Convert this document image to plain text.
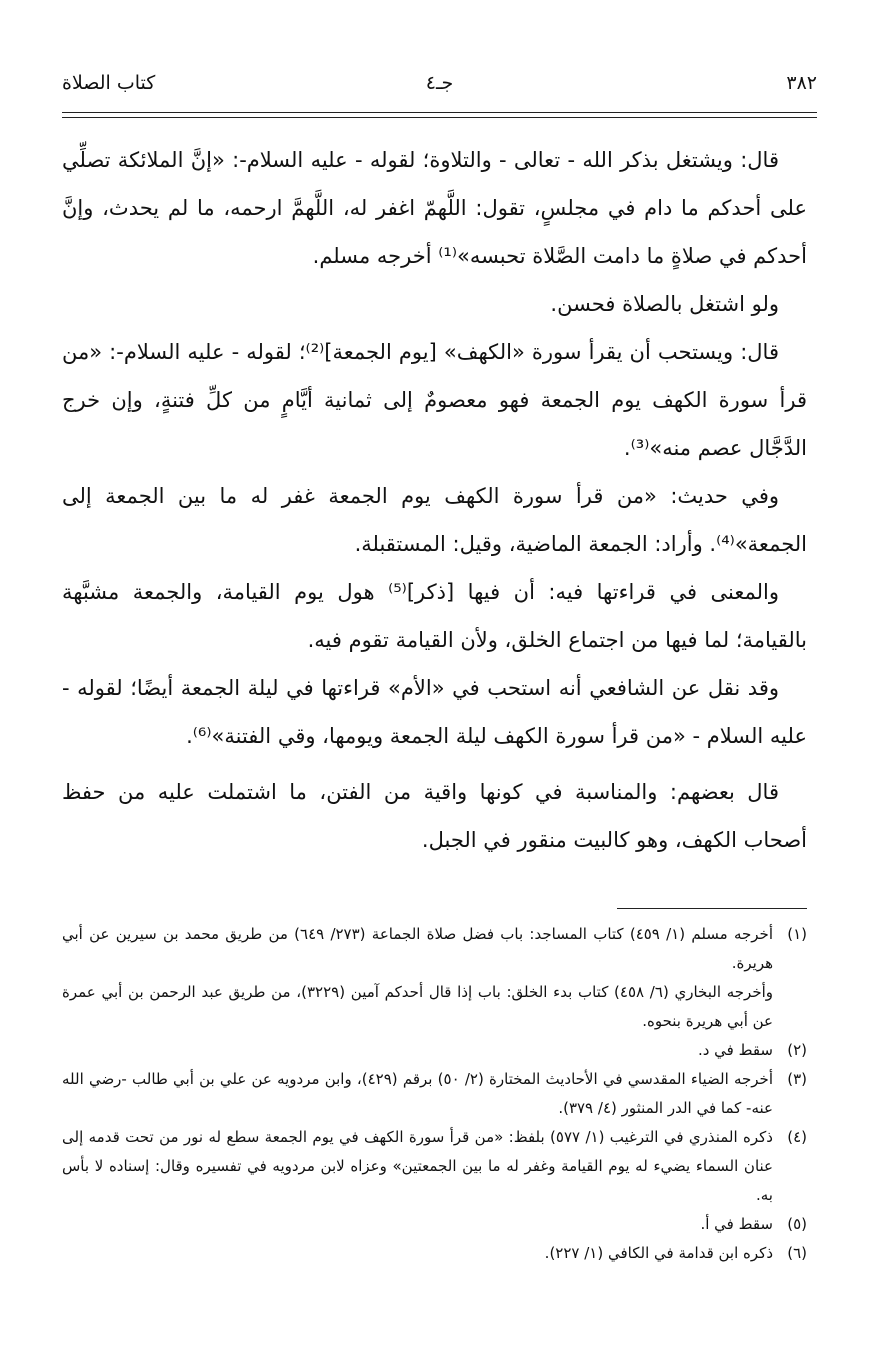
٣٨٢
جـ٤
كتاب الصلاة

قال: ويشتغل بذكر الله - تعالى - والتلاوة؛ لقوله - عليه السلام-: «إنَّ الملائكة تصلِّي على أحدكم ما دام في مجلسٍ، تقول: اللَّهمّ اغفر له، اللَّهمَّ ارحمه، ما لم يحدث، وإنَّ أحدكم في صلاةٍ ما دامت الصَّلاة تحبسه»⁽¹⁾ أخرجه مسلم.

ولو اشتغل بالصلاة فحسن.

قال: ويستحب أن يقرأ سورة «الكهف» [يوم الجمعة]⁽²⁾؛ لقوله - عليه السلام-: «من قرأ سورة الكهف يوم الجمعة فهو معصومٌ إلى ثمانية أيَّامٍ من كلِّ فتنةٍ، وإن خرج الدَّجَّال عصم منه»⁽³⁾.

وفي حديث: «من قرأ سورة الكهف يوم الجمعة غفر له ما بين الجمعة إلى الجمعة»⁽⁴⁾. وأراد: الجمعة الماضية، وقيل: المستقبلة.

والمعنى في قراءتها فيه: أن فيها [ذكر]⁽⁵⁾ هول يوم القيامة، والجمعة مشبَّهة بالقيامة؛ لما فيها من اجتماع الخلق، ولأن القيامة تقوم فيه.

وقد نقل عن الشافعي أنه استحب في «الأم» قراءتها في ليلة الجمعة أيضًا؛ لقوله - عليه السلام - «من قرأ سورة الكهف ليلة الجمعة ويومها، وقي الفتنة»⁽⁶⁾.

قال بعضهم: والمناسبة في كونها واقية من الفتن، ما اشتملت عليه من حفظ أصحاب الكهف، وهو كالبيت منقور في الجبل.

(١)
أخرجه مسلم (١/ ٤٥٩) كتاب المساجد: باب فضل صلاة الجماعة (٢٧٣/ ٦٤٩) من طريق محمد بن سيرين عن أبي هريرة.
وأخرجه البخاري (٦/ ٤٥٨) كتاب بدء الخلق: باب إذا قال أحدكم آمين (٣٢٢٩)، من طريق عبد الرحمن بن أبي عمرة عن أبي هريرة بنحوه.
(٢)
سقط في د.
(٣)
أخرجه الضياء المقدسي في الأحاديث المختارة (٢/ ٥٠) برقم (٤٢٩)، وابن مردويه عن علي بن أبي طالب -رضي الله عنه- كما في الدر المنثور (٤/ ٣٧٩).
(٤)
ذكره المنذري في الترغيب (١/ ٥٧٧) بلفظ: «من قرأ سورة الكهف في يوم الجمعة سطع له نور من تحت قدمه إلى عنان السماء يضيء له يوم القيامة وغفر له ما بين الجمعتين» وعزاه لابن مردويه في تفسيره وقال: إسناده لا بأس به.
(٥)
سقط في أ.
(٦)
ذكره ابن قدامة في الكافي (١/ ٢٢٧).
